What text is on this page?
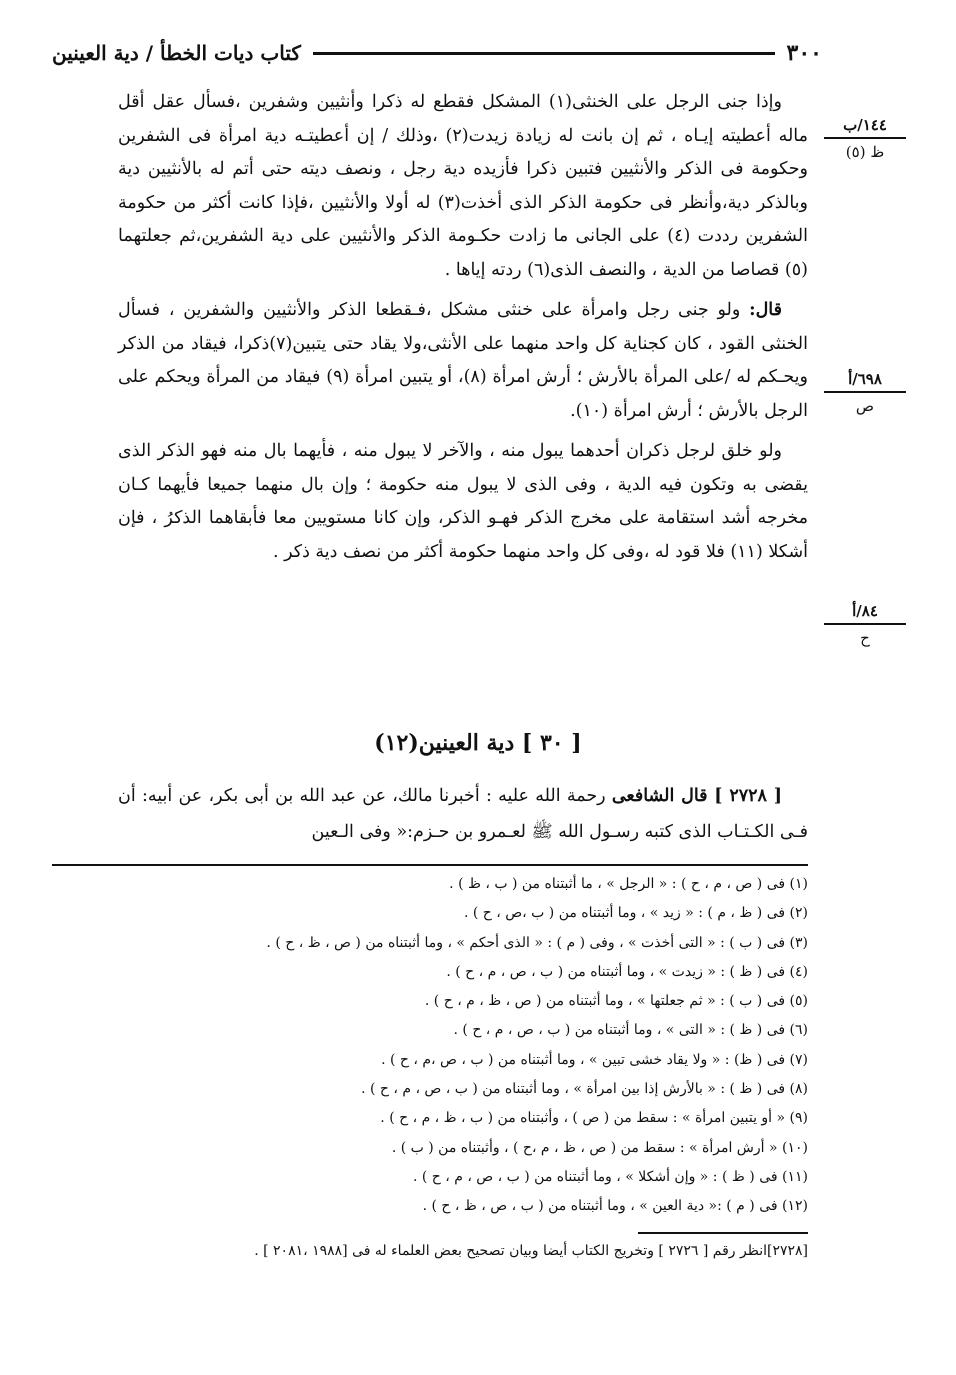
٣٠٠
كتاب ديات الخطأ / دية العينين
١٤٤/ب
ظ (٥)
٦٩٨/أ
ص
٨٤/أ
ح

وإذا جنى الرجل على الخنثى(١) المشكل فقطع له ذكرا وأنثيين وشفرين ،فسأل عقل أقل ماله أعطيته إيـاه ، ثم إن بانت له زيادة زيدت(٢) ،وذلك / إن أعطيتـه دية امرأة فى الشفرين وحكومة فى الذكر والأنثيين فتبين ذكرا فأزيده دية رجل ، ونصف ديته حتى أتم له بالأنثيين دية وبالذكر دية،وأنظر فى حكومة الذكر الذى أخذت(٣) له أولا والأنثيين ،فإذا كانت أكثر من حكومة الشفرين رددت (٤) على الجانى ما زادت حكـومة الذكر والأنثيين على دية الشفرين،ثم جعلتهما (٥) قصاصا من الدية ، والنصف الذى(٦) ردته إياها .

قال: ولو جنى رجل وامرأة على خنثى مشكل ،فـقطعا الذكر والأنثيين والشفرين ، فسأل الخنثى القود ، كان كجناية كل واحد منهما على الأنثى،ولا يقاد حتى يتبين(٧)ذكرا، فيقاد من الذكر ويحـكم له /على المرأة بالأرش ؛ أرش امرأة (٨)، أو يتبين امرأة (٩) فيقاد من المرأة ويحكم على الرجل بالأرش ؛ أرش امرأة (١٠).

ولو خلق لرجل ذكران أحدهما يبول منه ، والآخر لا يبول منه ، فأيهما بال منه فهو الذكر الذى يقضى به وتكون فيه الدية ، وفى الذى لا يبول منه حكومة ؛ وإن بال منهما جميعا فأيهما كـان مخرجه أشد استقامة على مخرج الذكر فهـو الذكر، وإن كانا مستويين معا فأبقاهما الذكرُ ، فإن أشكلا (١١) فلا قود له ،وفى كل واحد منهما حكومة أكثر من نصف دية ذكر .

[ ٣٠ ] دية العينين(١٢)

[ ٢٧٢٨ ] قال الشافعى رحمة الله عليه : أخبرنا مالك، عن عبد الله بن أبى بكر، عن أبيه: أن فـى الكـتـاب الذى كتبه رسـول الله ﷺ لعـمرو بن حـزم:« وفى الـعين

(١) فى ( ص ، م ، ح ) : « الرجل » ، ما أثبتناه من ( ب ، ظ ) .
(٢) فى ( ظ ، م ) : « زيد » ، وما أثبتناه من ( ب ،ص ، ح ) .
(٣) فى ( ب ) : « التى أخذت » ، وفى ( م ) : « الذى أحكم » ، وما أثبتناه من ( ص ، ظ ، ح ) .
(٤) فى ( ظ ) : « زيدت » ، وما أثبتناه من ( ب ، ص ، م ، ح ) .
(٥) فى ( ب ) : « ثم جعلتها » ، وما أثبتناه من ( ص ، ظ ، م ، ح ) .
(٦) فى ( ظ ) : « التى » ، وما أثبتناه من ( ب ، ص ، م ، ح ) .
(٧) فى ( ظ) : « ولا يقاد خشى تبين » ، وما أثبتناه من ( ب ، ص ،م ، ح ) .
(٨) فى ( ظ ) : « بالأرش إذا بين امرأة » ، وما أثبتناه من ( ب ، ص ، م ، ح ) .
(٩) « أو يتبين امرأة » : سقط من ( ص ) ، وأثبتناه من ( ب ، ظ ، م ، ح ) .
(١٠) « أرش امرأة » : سقط من ( ص ، ظ ، م ،ح ) ، وأثبتناه من ( ب ) .
(١١) فى ( ظ ) : « وإن أشكلا » ، وما أثبتناه من ( ب ، ص ، م ، ح ) .
(١٢) فى ( م ) :« دية العين » ، وما أثبتناه من ( ب ، ص ، ظ ، ح ) .
[٢٧٢٨]انظر رقم [ ٢٧٢٦ ] وتخريج الكتاب أيضا وبيان تصحيح بعض العلماء له فى [١٩٨٨ ،٢٠٨١ ] .
